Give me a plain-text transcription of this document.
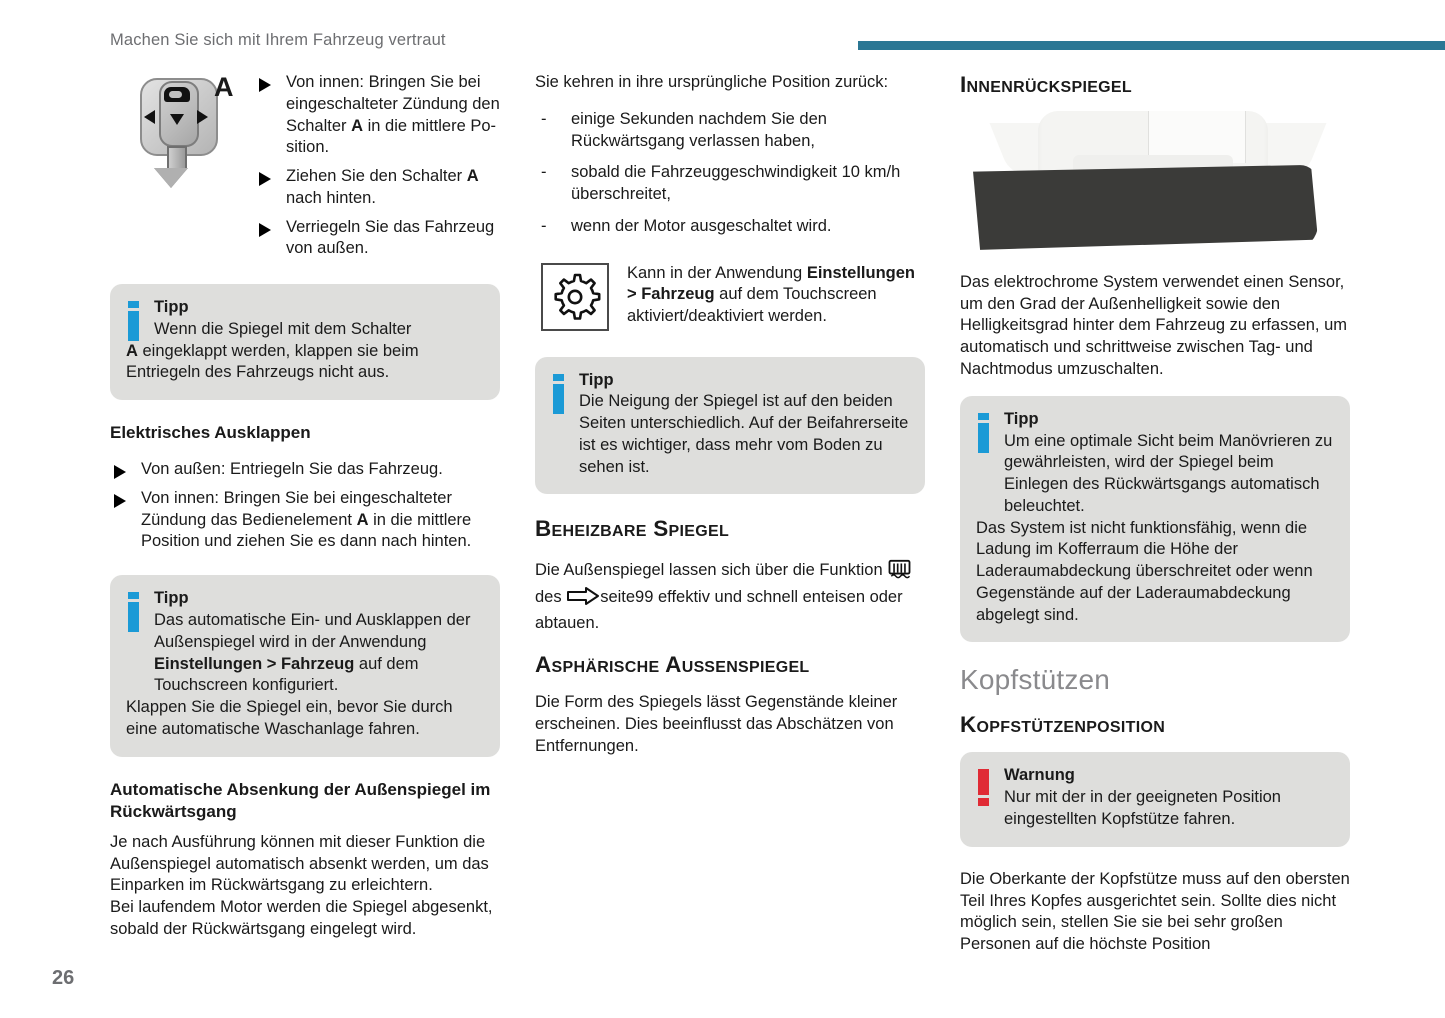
Machen Sie sich mit Ihrem Fahrzeug vertraut
A	Von innen: Bringen Sie bei eingeschalteter Zündung den Schalter A in die mittlere Po-sition.
Ziehen Sie den Schalter A nach hinten.
Verriegeln Sie das Fahrzeug von außen.
Tipp
Wenn die Spiegel mit dem Schalter
A eingeklappt werden, klappen sie beim Entriegeln des Fahrzeugs nicht aus.
Elektrisches Ausklappen
Von außen: Entriegeln Sie das Fahrzeug.
Von innen: Bringen Sie bei eingeschalteter Zündung das Bedienelement A in die mittlere Position und ziehen Sie es dann nach hinten.
Tipp
Das automatische Ein- und Ausklappen der Außenspiegel wird in der Anwendung Einstellungen > Fahrzeug auf dem Touchscreen konfiguriert.
Klappen Sie die Spiegel ein, bevor Sie durch eine automatische Waschanlage fahren.
Automatische Absenkung der Außenspiegel im Rückwärtsgang

Je nach Ausführung können mit dieser Funktion die Außenspiegel automatisch absenkt werden, um das Einparken im Rückwärtsgang zu erleichtern.

Bei laufendem Motor werden die Spiegel abgesenkt, sobald der Rückwärtsgang eingelegt wird.

Sie kehren in ihre ursprüngliche Position zurück:

- einige Sekunden nachdem Sie den Rückwärtsgang verlassen haben,
- sobald die Fahrzeuggeschwindigkeit 10 km/h überschreitet,
- wenn der Motor ausgeschaltet wird.
Kann in der Anwendung Einstellungen > Fahrzeug auf dem Touchscreen aktiviert/deaktiviert werden.
Tipp
Die Neigung der Spiegel ist auf den beiden Seiten unterschiedlich. Auf der Beifahrerseite ist es wichtiger, dass mehr vom Boden zu sehen ist.
Beheizbare Spiegel

Die Außenspiegel lassen sich über die Funktion  des seite99 effektiv und schnell enteisen oder abtauen.

Asphärische Außenspiegel

Die Form des Spiegels lässt Gegenstände kleiner erscheinen. Dies beeinflusst das Abschätzen von Entfernungen.

Innenrückspiegel

Das elektrochrome System verwendet einen Sensor, um den Grad der Außenhelligkeit sowie den Helligkeitsgrad hinter dem Fahrzeug zu erfassen, um automatisch und schrittweise zwischen Tag- und Nachtmodus umzuschalten.

Tipp
Um eine optimale Sicht beim Manövrieren zu gewährleisten, wird der Spiegel beim Einlegen des Rückwärtsgangs automatisch beleuchtet.
Das System ist nicht funktionsfähig, wenn die Ladung im Kofferraum die Höhe der Laderaumabdeckung überschreitet oder wenn Gegenstände auf der Laderaumabdeckung abgelegt sind.
Kopfstützen
Kopfstützenposition
Warnung
Nur mit der in der geeigneten Position eingestellten Kopfstütze fahren.

Die Oberkante der Kopfstütze muss auf den obersten Teil Ihres Kopfes ausgerichtet sein. Sollte dies nicht möglich sein, stellen Sie sie bei sehr großen Personen auf die höchste Position

26
